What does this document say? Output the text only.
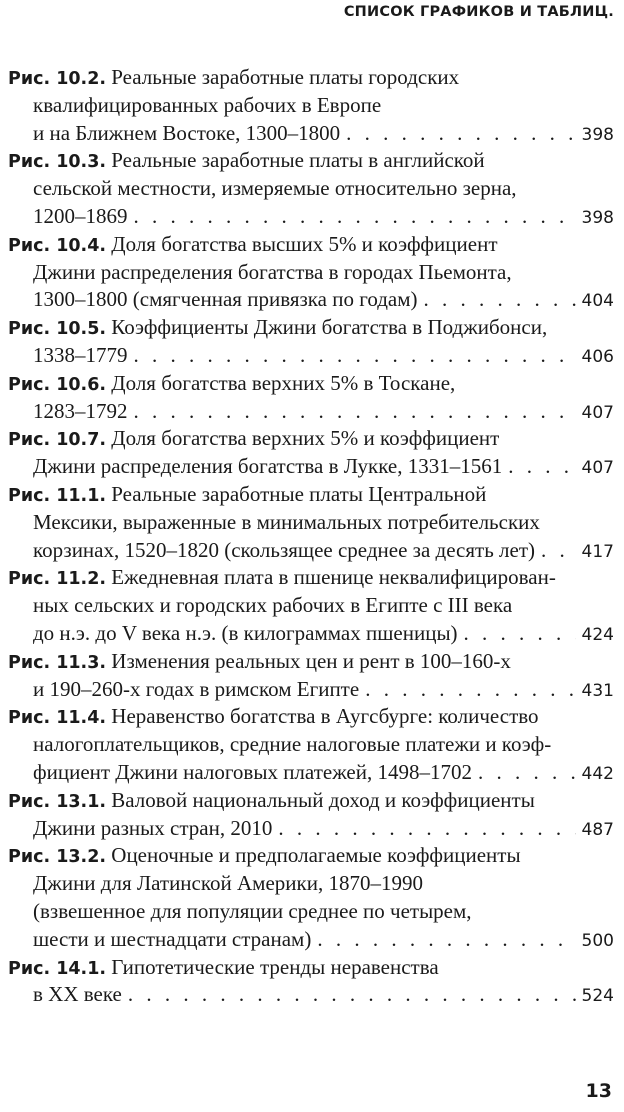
СПИСОК ГРАФИКОВ И ТАБЛИЦ.
Рис. 10.2. Реальные заработные платы городских
квалифицированных рабочих в Европе
и на Ближнем Востоке, 1300–1800 . . .	398
Рис. 10.3. Реальные заработные платы в английской
сельской местности, измеряемые относительно зерна,
1200–1869 . . .	398
Рис. 10.4. Доля богатства высших 5% и коэффициент
Джини распределения богатства в городах Пьемонта,
1300–1800 (смягченная привязка по годам) . . .	404
Рис. 10.5. Коэффициенты Джини богатства в Поджибонси,
1338–1779 . . .	406
Рис. 10.6. Доля богатства верхних 5% в Тоскане,
1283–1792 . . .	407
Рис. 10.7. Доля богатства верхних 5% и коэффициент
Джини распределения богатства в Лукке, 1331–1561 . . .	407
Рис. 11.1. Реальные заработные платы Центральной
Мексики, выраженные в минимальных потребительских
корзинах, 1520–1820 (скользящее среднее за десять лет) . . .	417
Рис. 11.2. Ежедневная плата в пшенице неквалифицирован-
ных сельских и городских рабочих в Египте с III века
до н.э. до V века н.э. (в килограммах пшеницы) . . .	424
Рис. 11.3. Изменения реальных цен и рент в 100–160-х
и 190–260-х годах в римском Египте . . .	431
Рис. 11.4. Неравенство богатства в Аугсбурге: количество
налогоплательщиков, средние налоговые платежи и коэф-
фициент Джини налоговых платежей, 1498–1702 . . .	442
Рис. 13.1. Валовой национальный доход и коэффициенты
Джини разных стран, 2010 . . .	487
Рис. 13.2. Оценочные и предполагаемые коэффициенты
Джини для Латинской Америки, 1870–1990
(взвешенное для популяции среднее по четырем,
шести и шестнадцати странам) . . .	500
Рис. 14.1. Гипотетические тренды неравенства
в XX веке . . .	524
13
